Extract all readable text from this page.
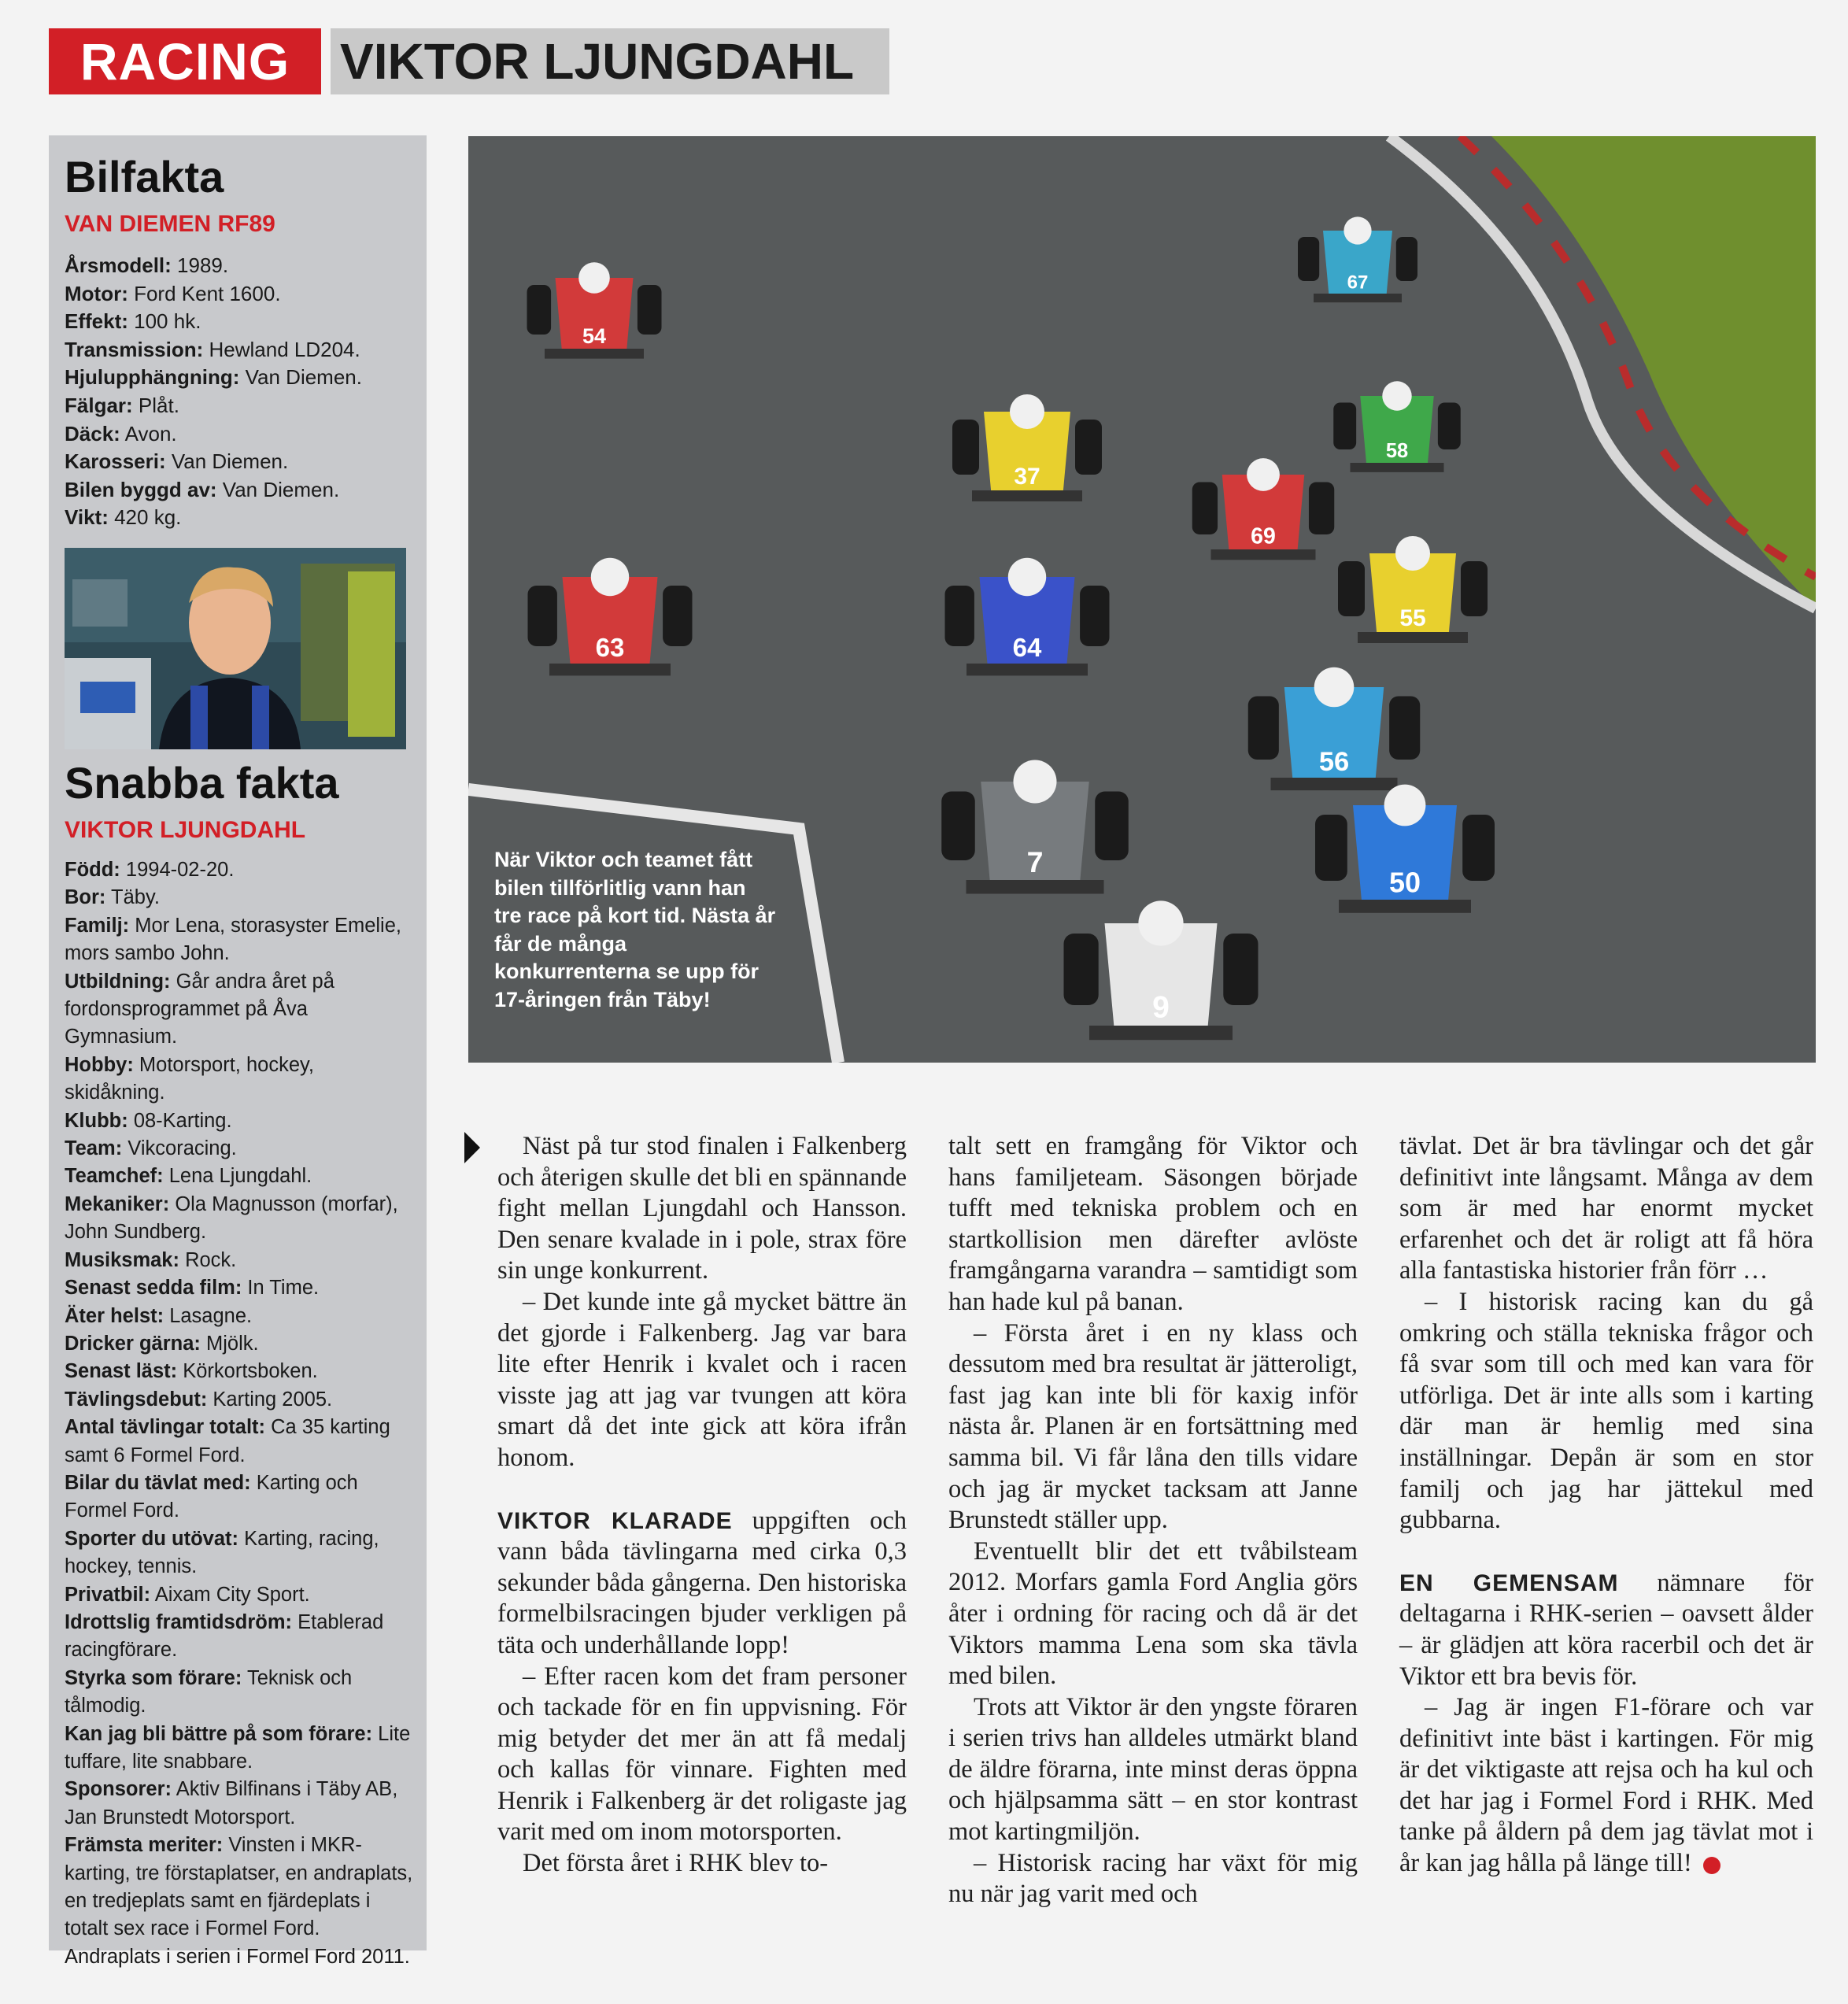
RACING VIKTOR LJUNGDAHL
Bilfakta
VAN DIEMEN RF89
Årsmodell: 1989.
Motor: Ford Kent 1600.
Effekt: 100 hk.
Transmission: Hewland LD204.
Hjulupphängning: Van Diemen.
Fälgar: Plåt.
Däck: Avon.
Karosseri: Van Diemen.
Bilen byggd av: Van Diemen.
Vikt: 420 kg.
Snabba fakta
VIKTOR LJUNGDAHL
Född: 1994-02-20.
Bor: Täby.
Familj: Mor Lena, storasyster Emelie, mors sambo John.
Utbildning: Går andra året på fordonsprogrammet på Åva Gymnasium.
Hobby: Motorsport, hockey, skidåkning.
Klubb: 08-Karting.
Team: Vikcoracing.
Teamchef: Lena Ljungdahl.
Mekaniker: Ola Magnusson (morfar), John Sundberg.
Musiksmak: Rock.
Senast sedda film: In Time.
Äter helst: Lasagne.
Dricker gärna: Mjölk.
Senast läst: Körkortsboken.
Tävlingsdebut: Karting 2005.
Antal tävlingar totalt: Ca 35 karting samt 6 Formel Ford.
Bilar du tävlat med: Karting och Formel Ford.
Sporter du utövat: Karting, racing, hockey, tennis.
Privatbil: Aixam City Sport.
Idrottslig framtidsdröm: Etablerad racingförare.
Styrka som förare: Teknisk och tålmodig.
Kan jag bli bättre på som förare: Lite tuffare, lite snabbare.
Sponsorer: Aktiv Bilfinans i Täby AB, Jan Brunstedt Motorsport.
Främsta meriter: Vinsten i MKR-karting, tre förstaplatser, en andraplats, en tredjeplats samt en fjärdeplats i totalt sex race i Formel Ford. Andraplats i serien i Formel Ford 2011.
54
67
58
37
69
63	64
55
56
7
50
9
När Viktor och teamet fått bilen tillförlitlig vann han tre race på kort tid. Nästa år får de många konkurrenterna se upp för 17-åringen från Täby!

Näst på tur stod finalen i Falkenberg och återigen skulle det bli en spännande fight mellan Ljungdahl och Hansson. Den senare kvalade in i pole, strax före sin unge konkurrent.

– Det kunde inte gå mycket bättre än det gjorde i Falkenberg. Jag var bara lite efter Henrik i kvalet och i racen visste jag att jag var tvungen att köra smart då det inte gick att köra ifrån honom.

VIKTOR KLARADE uppgiften och vann båda tävlingarna med cirka 0,3 sekunder båda gångerna. Den historiska formelbilsracingen bjuder verkligen på täta och underhållande lopp!

– Efter racen kom det fram personer och tackade för en fin uppvisning. För mig betyder det mer än att få medalj och kallas för vinnare. Fighten med Henrik i Falkenberg är det roligaste jag varit med om inom motorsporten.

Det första året i RHK blev to-

talt sett en framgång för Viktor och hans familjeteam. Säsongen började tufft med tekniska problem och en startkollision men därefter avlöste framgångarna varandra – samtidigt som han hade kul på banan.

– Första året i en ny klass och dessutom med bra resultat är jätteroligt, fast jag kan inte bli för kaxig inför nästa år. Planen är en fortsättning med samma bil. Vi får låna den tills vidare och jag är mycket tacksam att Janne Brunstedt ställer upp.

Eventuellt blir det ett tvåbilsteam 2012. Morfars gamla Ford Anglia görs åter i ordning för racing och då är det Viktors mamma Lena som ska tävla med bilen.

Trots att Viktor är den yngste föraren i serien trivs han alldeles utmärkt bland de äldre förarna, inte minst deras öppna och hjälpsamma sätt – en stor kontrast mot kartingmiljön.

– Historisk racing har växt för mig nu när jag varit med och

tävlat. Det är bra tävlingar och det går definitivt inte långsamt. Många av dem som är med har enormt mycket erfarenhet och det är roligt att få höra alla fantastiska historier från förr …

– I historisk racing kan du gå omkring och ställa tekniska frågor och få svar som till och med kan vara för utförliga. Det är inte alls som i karting där man är hemlig med sina inställningar. Depån är som en stor familj och jag har jättekul med gubbarna.

EN GEMENSAM nämnare för deltagarna i RHK-serien – oavsett ålder – är glädjen att köra racerbil och det är Viktor ett bra bevis för.

– Jag är ingen F1-förare och var definitivt inte bäst i kartingen. För mig är det viktigaste att rejsa och ha kul och det har jag i Formel Ford i RHK. Med tanke på åldern på dem jag tävlat mot i år kan jag hålla på länge till!
